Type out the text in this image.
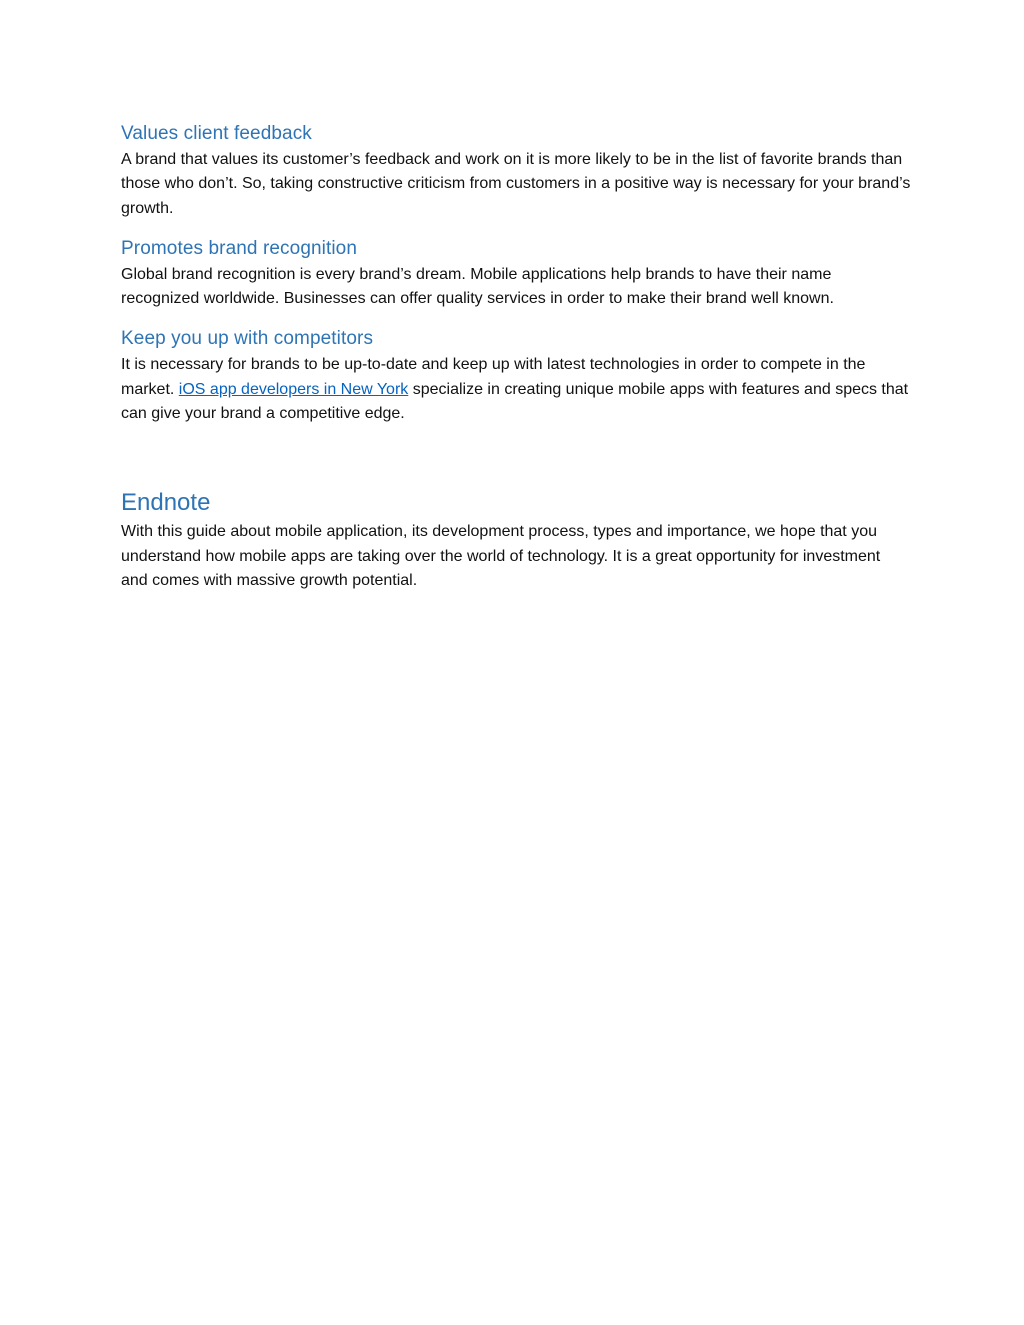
Values client feedback

A brand that values its customer’s feedback and work on it is more likely to be in the list of favorite brands than those who don’t. So, taking constructive criticism from customers in a positive way is necessary for your brand’s growth.

Promotes brand recognition

Global brand recognition is every brand’s dream. Mobile applications help brands to have their name recognized worldwide. Businesses can offer quality services in order to make their brand well known.

Keep you up with competitors

It is necessary for brands to be up-to-date and keep up with latest technologies in order to compete in the market. iOS app developers in New York specialize in creating unique mobile apps with features and specs that can give your brand a competitive edge.

Endnote

With this guide about mobile application, its development process, types and importance, we hope that you understand how mobile apps are taking over the world of technology. It is a great opportunity for investment and comes with massive growth potential.
